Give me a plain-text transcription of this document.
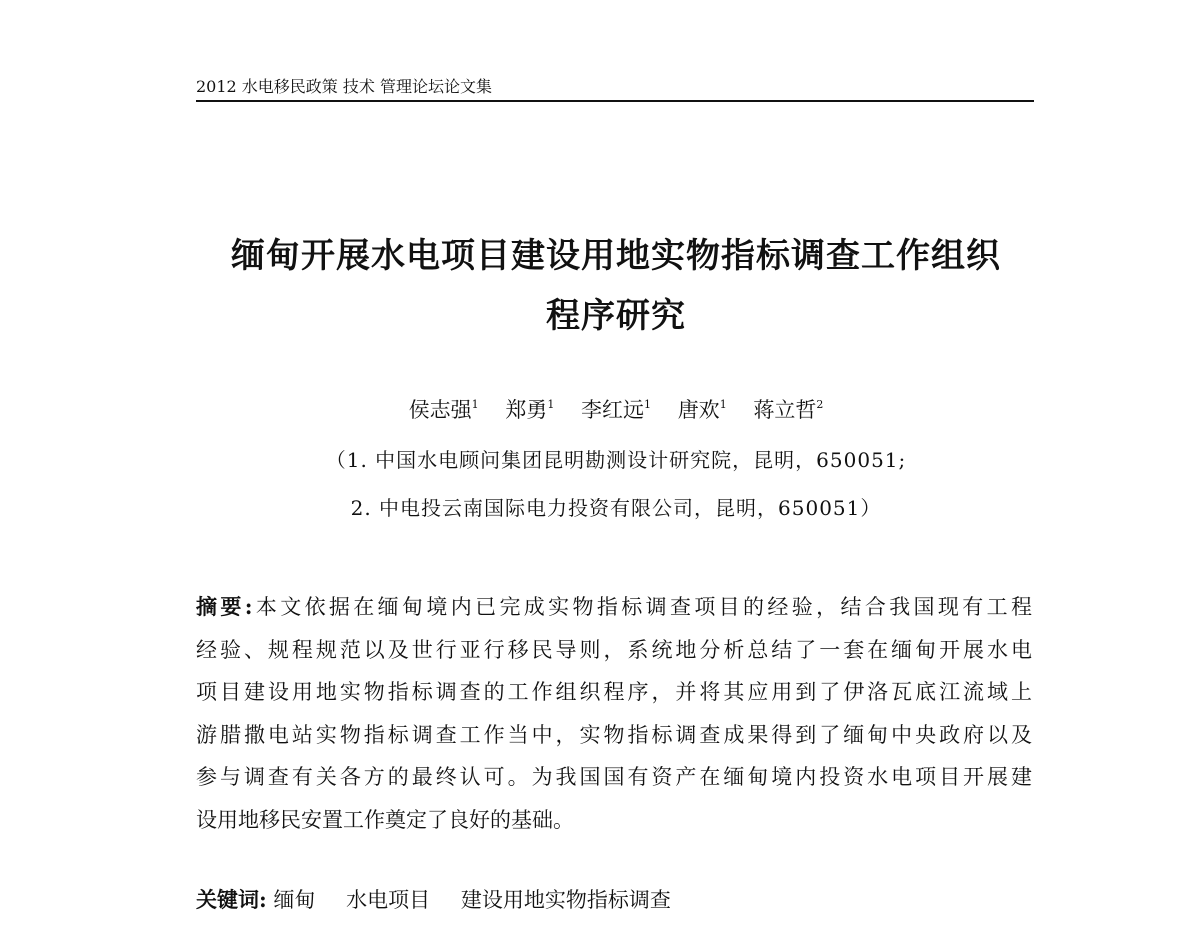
2012 水电移民政策 技术 管理论坛论文集
缅甸开展水电项目建设用地实物指标调查工作组织
程序研究
侯志强$^1$ 郑勇$^1$ 李红远$^1$ 唐欢$^1$ 蒋立哲$^2$
（1. 中国水电顾问集团昆明勘测设计研究院，昆明，650051;
2. 中电投云南国际电力投资有限公司，昆明，650051）
摘要:本文依据在缅甸境内已完成实物指标调查项目的经验，结合我国现有工程
经验、规程规范以及世行亚行移民导则，系统地分析总结了一套在缅甸开展水电
项目建设用地实物指标调查的工作组织程序，并将其应用到了伊洛瓦底江流域上
游腊撒电站实物指标调查工作当中，实物指标调查成果得到了缅甸中央政府以及
参与调查有关各方的最终认可。为我国国有资产在缅甸境内投资水电项目开展建
设用地移民安置工作奠定了良好的基础。
关键词: 缅甸 水电项目 建设用地实物指标调查
